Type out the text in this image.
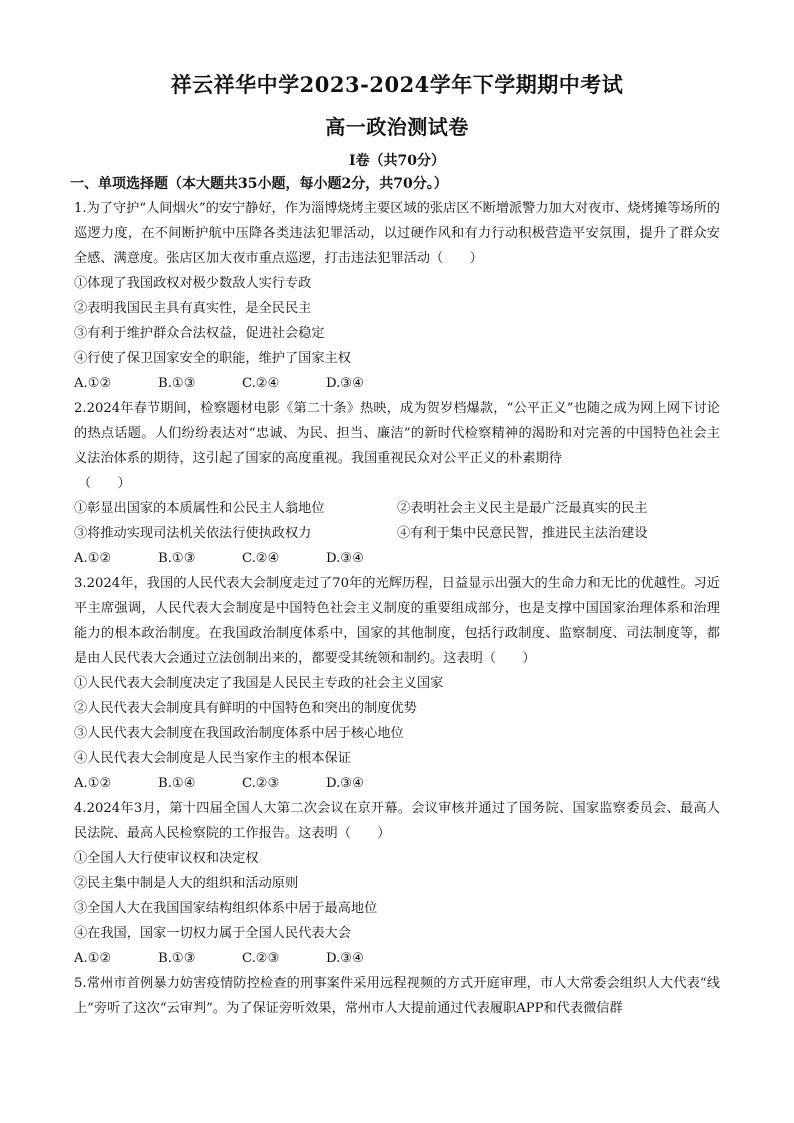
祥云祥华中学2023-2024学年下学期期中考试
高一政治测试卷
I卷（共70分）
一、单项选择题（本大题共35小题，每小题2分，共70分。）

1.为了守护“人间烟火”的安宁静好，作为淄博烧烤主要区域的张店区不断增派警力加大对夜市、烧烤摊等场所的巡逻力度，在不间断护航中压降各类违法犯罪活动，以过硬作风和有力行动积极营造平安氛围，提升了群众安全感、满意度。张店区加大夜市重点巡逻，打击违法犯罪活动（　　）

①体现了我国政权对极少数敌人实行专政

②表明我国民主具有真实性，是全民民主

③有利于维护群众合法权益，促进社会稳定

④行使了保卫国家安全的职能，维护了国家主权

A.①②	B.①③	C.②④	D.③④

2.2024年春节期间，检察题材电影《第二十条》热映，成为贺岁档爆款，“公平正义”也随之成为网上网下讨论的热点话题。人们纷纷表达对“忠诚、为民、担当、廉洁”的新时代检察精神的渴盼和对完善的中国特色社会主义法治体系的期待，这引起了国家的高度重视。我国重视民众对公平正义的朴素期待

（　　）
①彰显出国家的本质属性和公民主人翁地位	②表明社会主义民主是最广泛最真实的民主
③将推动实现司法机关依法行使执政权力	④有利于集中民意民智，推进民主法治建设
A.①②	B.①③	C.②④	D.③④

3.2024年，我国的人民代表大会制度走过了70年的光辉历程，日益显示出强大的生命力和无比的优越性。习近平主席强调，人民代表大会制度是中国特色社会主义制度的重要组成部分，也是支撑中国国家治理体系和治理能力的根本政治制度。在我国政治制度体系中，国家的其他制度，包括行政制度、监察制度、司法制度等，都是由人民代表大会通过立法创制出来的，都要受其统领和制约。这表明（　　）

①人民代表大会制度决定了我国是人民民主专政的社会主义国家

②人民代表大会制度具有鲜明的中国特色和突出的制度优势

③人民代表大会制度在我国政治制度体系中居于核心地位

④人民代表大会制度是人民当家作主的根本保证

A.①②	B.①④	C.②③	D.③④

4.2024年3月，第十四届全国人大第二次会议在京开幕。会议审核并通过了国务院、国家监察委员会、最高人民法院、最高人民检察院的工作报告。这表明（　　）

①全国人大行使审议权和决定权

②民主集中制是人大的组织和活动原则

③全国人大在我国国家结构组织体系中居于最高地位

④在我国，国家一切权力属于全国人民代表大会

A.①②	B.①③	C.②③	D.③④

5.常州市首例暴力妨害疫情防控检查的刑事案件采用远程视频的方式开庭审理，市人大常委会组织人大代表“线上”旁听了这次“云审判”。为了保证旁听效果，常州市人大提前通过代表履职APP和代表微信群
